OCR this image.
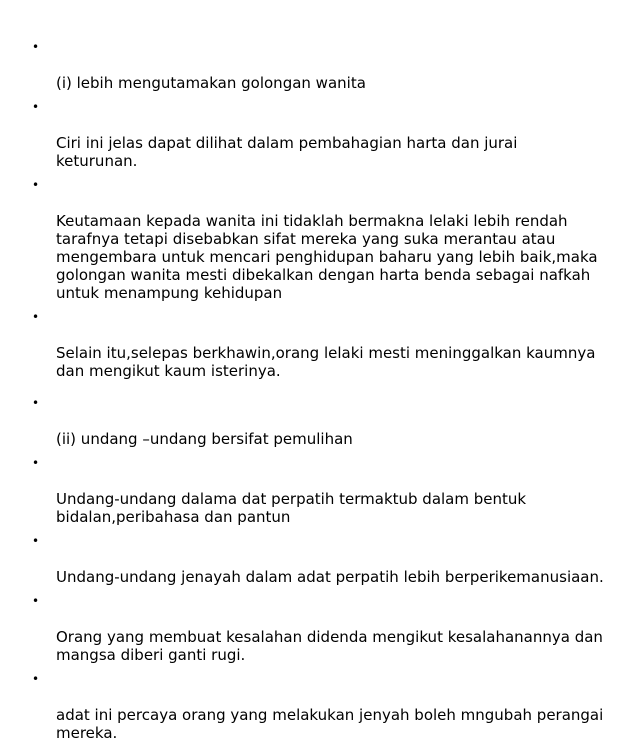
•

(i) lebih mengutamakan golongan wanita

•

Ciri ini jelas dapat dilihat dalam pembahagian harta dan jurai
keturunan.

•

Keutamaan kepada wanita ini tidaklah bermakna lelaki lebih rendah
tarafnya tetapi disebabkan sifat mereka yang suka merantau atau
mengembara untuk mencari penghidupan baharu yang lebih baik,maka
golongan wanita mesti dibekalkan dengan harta benda sebagai nafkah
untuk menampung kehidupan

•

Selain itu,selepas berkhawin,orang lelaki mesti meninggalkan kaumnya
dan mengikut kaum isterinya.

•

(ii) undang –undang bersifat pemulihan

•

Undang-undang dalama dat perpatih termaktub dalam bentuk
bidalan,peribahasa dan pantun

•

Undang-undang jenayah dalam adat perpatih lebih berperikemanusiaan.

•

Orang yang membuat kesalahan didenda mengikut kesalahanannya dan
mangsa diberi ganti rugi.

•

adat ini percaya orang yang melakukan jenyah boleh mngubah perangai
mereka.
